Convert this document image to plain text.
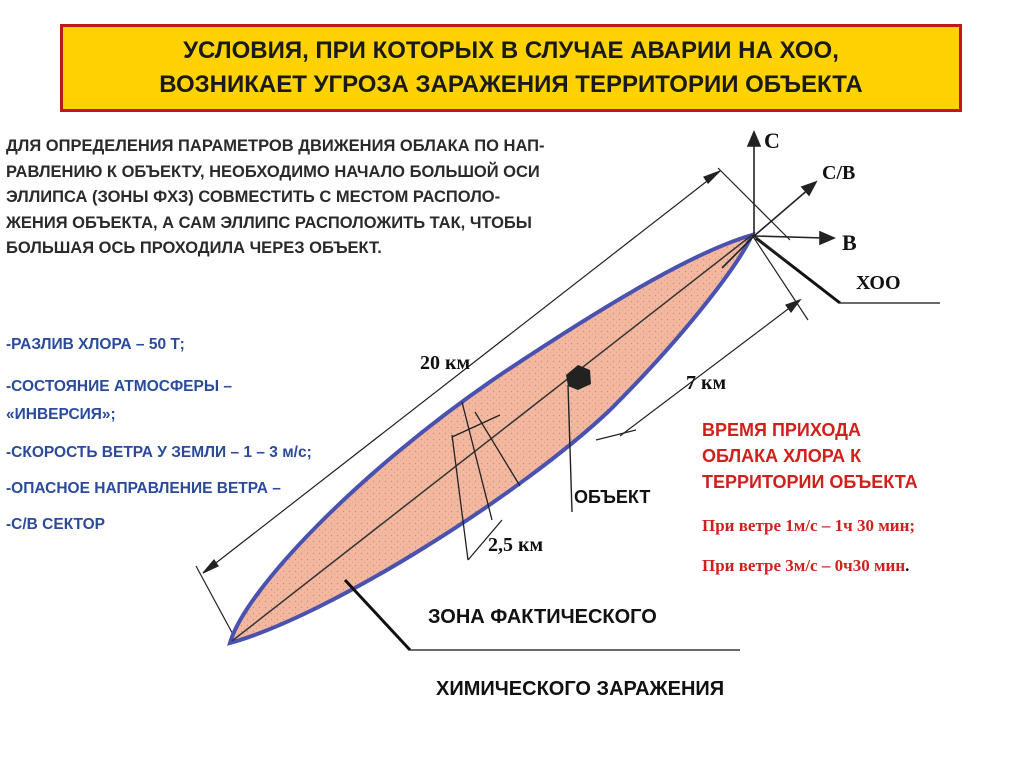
УСЛОВИЯ, ПРИ КОТОРЫХ В СЛУЧАЕ АВАРИИ НА ХОО,
ВОЗНИКАЕТ УГРОЗА ЗАРАЖЕНИЯ ТЕРРИТОРИИ ОБЪЕКТА
ДЛЯ ОПРЕДЕЛЕНИЯ ПАРАМЕТРОВ ДВИЖЕНИЯ ОБЛАКА ПО НАП-
РАВЛЕНИЮ К ОБЪЕКТУ, НЕОБХОДИМО НАЧАЛО БОЛЬШОЙ ОСИ
ЭЛЛИПСА (ЗОНЫ ФХЗ) СОВМЕСТИТЬ С МЕСТОМ РАСПОЛО-
ЖЕНИЯ ОБЪЕКТА, А САМ ЭЛЛИПС РАСПОЛОЖИТЬ ТАК, ЧТОБЫ
БОЛЬШАЯ ОСЬ ПРОХОДИЛА ЧЕРЕЗ ОБЪЕКТ.
-РАЗЛИВ ХЛОРА – 50 Т;
-СОСТОЯНИЕ АТМОСФЕРЫ –
«ИНВЕРСИЯ»;
-СКОРОСТЬ ВЕТРА У ЗЕМЛИ – 1 – 3 м/с;
-ОПАСНОЕ НАПРАВЛЕНИЕ ВЕТРА –
-С/В СЕКТОР
С
С/В
В
ХОО
20 км
7 км
ОБЪЕКТ
2,5 км
ЗОНА ФАКТИЧЕСКОГО
ХИМИЧЕСКОГО ЗАРАЖЕНИЯ
ВРЕМЯ ПРИХОДА
ОБЛАКА ХЛОРА К
ТЕРРИТОРИИ ОБЪЕКТА
При ветре 1м/с – 1ч 30 мин;
При ветре 3м/с – 0ч30 мин.
